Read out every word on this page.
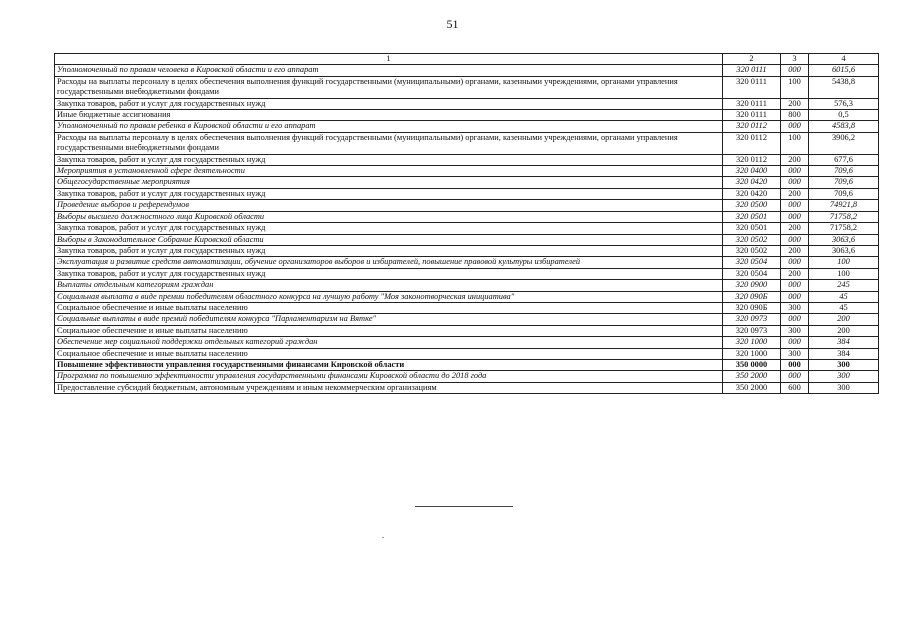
51
1	2	3	4
Уполномоченный по правам человека в Кировской области и его аппарат	320 0111	000	6015,6
Расходы на выплаты персоналу в целях обеспечения выполнения функций государственными (муниципальными) органами, казенными учреждениями, органами управления государственными внебюджетными фондами	320 0111	100	5438,8
Закупка товаров, работ и услуг для государственных нужд	320 0111	200	576,3
Иные бюджетные ассигнования	320 0111	800	0,5
Уполномоченный по правам ребенка в Кировской области и его аппарат	320 0112	000	4583,8
Расходы на выплаты персоналу в целях обеспечения выполнения функций государственными (муниципальными) органами, казенными учреждениями, органами управления государственными внебюджетными фондами	320 0112	100	3906,2
Закупка товаров, работ и услуг для государственных нужд	320 0112	200	677,6
Мероприятия в установленной сфере деятельности	320 0400	000	709,6
Общегосударственные мероприятия	320 0420	000	709,6
Закупка товаров, работ и услуг для государственных нужд	320 0420	200	709,6
Проведение выборов и референдумов	320 0500	000	74921,8
Выборы высшего должностного лица Кировской области	320 0501	000	71758,2
Закупка товаров, работ и услуг для государственных нужд	320 0501	200	71758,2
Выборы в Законодательное Собрание Кировской области	320 0502	000	3063,6
Закупка товаров, работ и услуг для государственных нужд	320 0502	200	3063,6
Эксплуатация и развитие средств автоматизации, обучение организаторов выборов и избирателей, повышение правовой культуры избирателей	320 0504	000	100
Закупка товаров, работ и услуг для государственных нужд	320 0504	200	100
Выплаты отдельным категориям граждан	320 0900	000	245
Социальная выплата в виде премии победителям областного конкурса на лучшую работу "Моя законотворческая инициатива"	320 090Б	000	45
Социальное обеспечение и иные выплаты населению	320 090Б	300	45
Социальные выплаты в виде премий победителям конкурса "Парламентаризм на Вятке"	320 0973	000	200
Социальное обеспечение и иные выплаты населению	320 0973	300	200
Обеспечение мер социальной поддержки отдельных категорий граждан	320 1000	000	384
Социальное обеспечение и иные выплаты населению	320 1000	300	384
Повышение эффективности управления государственными финансами Кировской области	350 0000	000	300
Программа по повышению эффективности управления государственными финансами Кировской области до 2018 года	350 2000	000	300
Предоставление субсидий бюджетным, автономным учреждениям и иным некоммерческим организациям	350 2000	600	300
